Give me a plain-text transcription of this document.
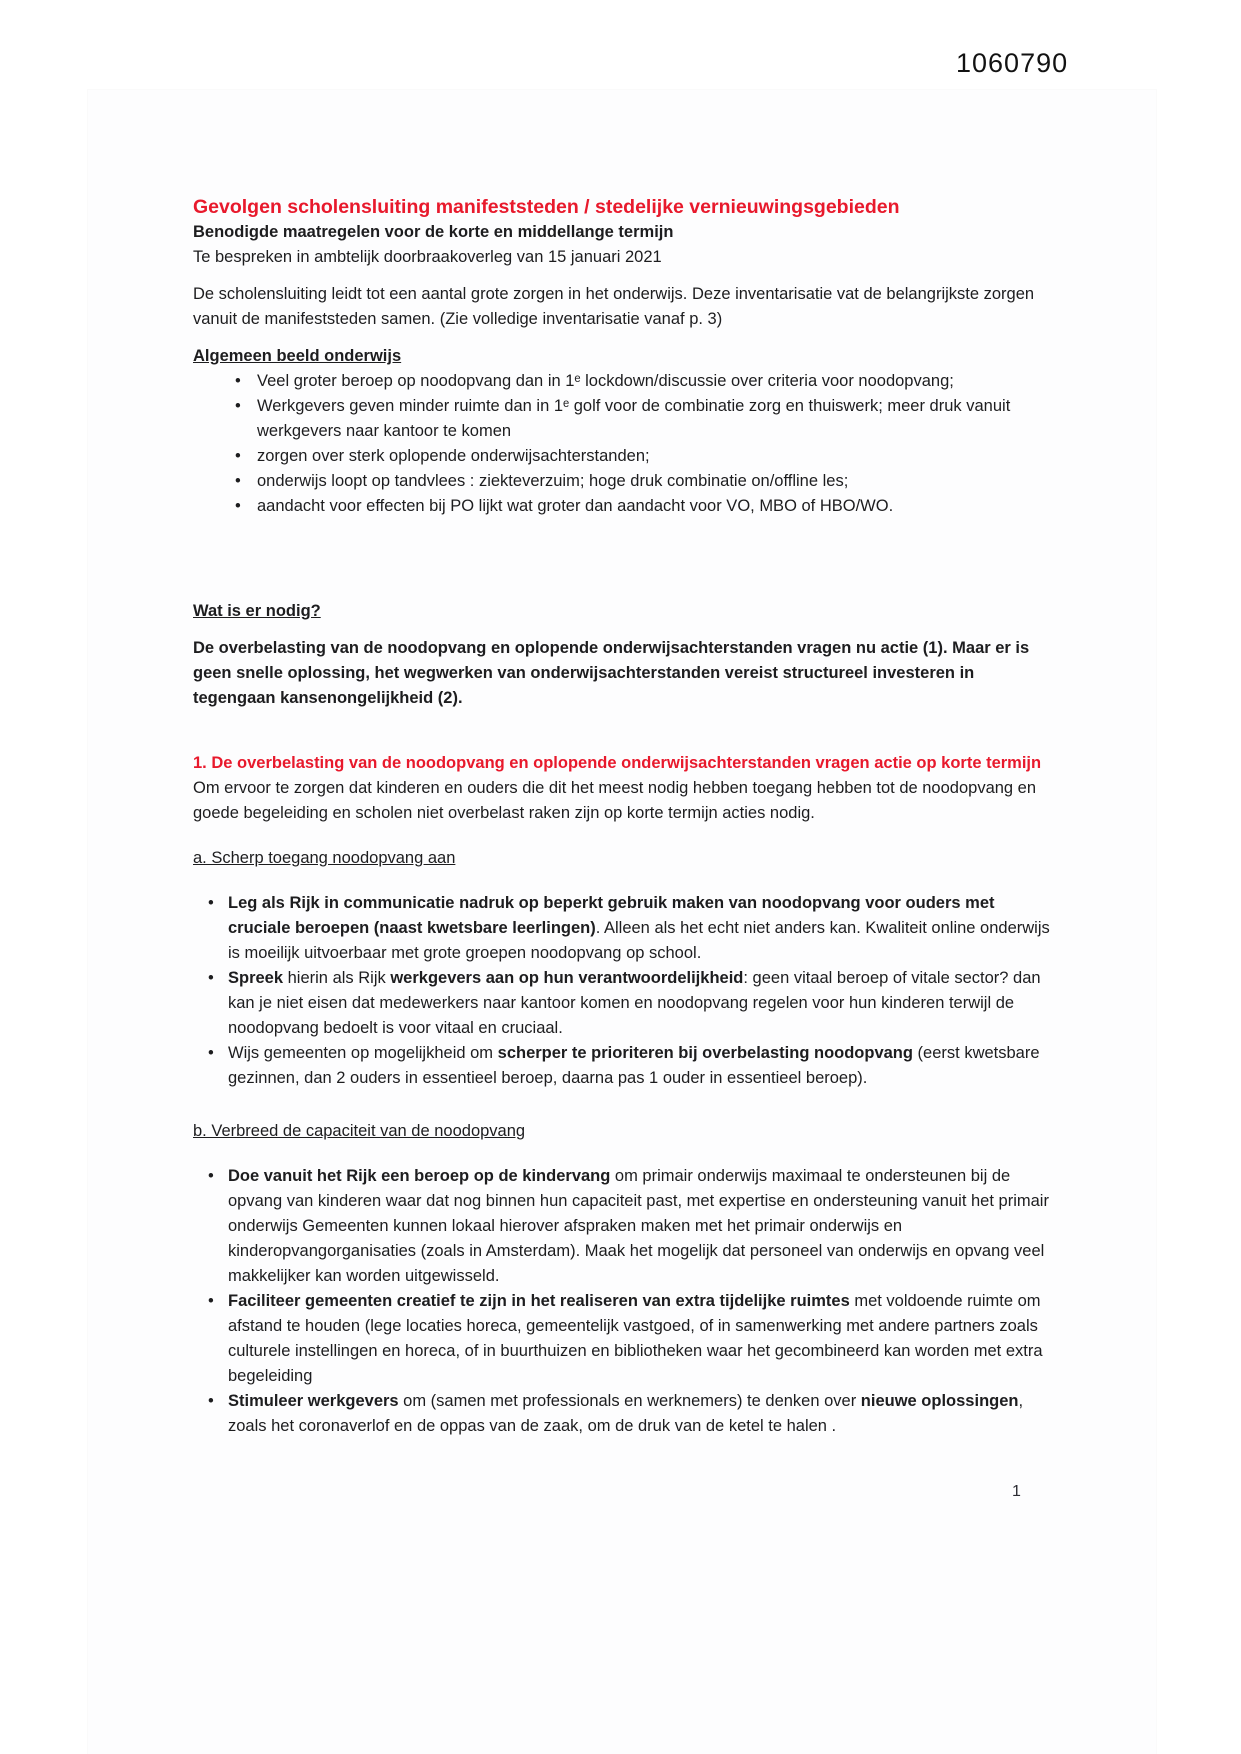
1060790
Gevolgen scholensluiting manifeststeden / stedelijke vernieuwingsgebieden
Benodigde maatregelen voor de korte en middellange termijn
Te bespreken in ambtelijk doorbraakoverleg van 15 januari 2021
De scholensluiting leidt tot een aantal grote zorgen in het onderwijs. Deze inventarisatie vat de belangrijkste zorgen vanuit de manifeststeden samen. (Zie volledige inventarisatie vanaf p. 3)
Algemeen beeld onderwijs
• Veel groter beroep op noodopvang dan in 1ᵉ lockdown/discussie over criteria voor noodopvang;
• Werkgevers geven minder ruimte dan in 1ᵉ golf voor de combinatie zorg en thuiswerk; meer druk vanuit werkgevers naar kantoor te komen
• zorgen over sterk oplopende onderwijsachterstanden;
• onderwijs loopt op tandvlees : ziekteverzuim; hoge druk combinatie on/offline les;
• aandacht voor effecten bij PO lijkt wat groter dan aandacht voor VO, MBO of HBO/WO.
Wat is er nodig?
De overbelasting van de noodopvang en oplopende onderwijsachterstanden vragen nu actie (1). Maar er is geen snelle oplossing, het wegwerken van onderwijsachterstanden vereist structureel investeren in tegengaan kansenongelijkheid (2).
1. De overbelasting van de noodopvang en oplopende onderwijsachterstanden vragen actie op korte termijn
Om ervoor te zorgen dat kinderen en ouders die dit het meest nodig hebben toegang hebben tot de noodopvang en goede begeleiding en scholen niet overbelast raken zijn op korte termijn acties nodig.
a. Scherp toegang noodopvang aan
• Leg als Rijk in communicatie nadruk op beperkt gebruik maken van noodopvang voor ouders met cruciale beroepen (naast kwetsbare leerlingen). Alleen als het echt niet anders kan. Kwaliteit online onderwijs is moeilijk uitvoerbaar met grote groepen noodopvang op school.
• Spreek hierin als Rijk werkgevers aan op hun verantwoordelijkheid: geen vitaal beroep of vitale sector? dan kan je niet eisen dat medewerkers naar kantoor komen en noodopvang regelen voor hun kinderen terwijl de noodopvang bedoelt is voor vitaal en cruciaal.
• Wijs gemeenten op mogelijkheid om scherper te prioriteren bij overbelasting noodopvang (eerst kwetsbare gezinnen, dan 2 ouders in essentieel beroep, daarna pas 1 ouder in essentieel beroep).
b. Verbreed de capaciteit van de noodopvang
• Doe vanuit het Rijk een beroep op de kindervang om primair onderwijs maximaal te ondersteunen bij de opvang van kinderen waar dat nog binnen hun capaciteit past, met expertise en ondersteuning vanuit het primair onderwijs Gemeenten kunnen lokaal hierover afspraken maken met het primair onderwijs en kinderopvangorganisaties (zoals in Amsterdam). Maak het mogelijk dat personeel van onderwijs en opvang veel makkelijker kan worden uitgewisseld.
• Faciliteer gemeenten creatief te zijn in het realiseren van extra tijdelijke ruimtes met voldoende ruimte om afstand te houden (lege locaties horeca, gemeentelijk vastgoed, of in samenwerking met andere partners zoals culturele instellingen en horeca, of in buurthuizen en bibliotheken waar het gecombineerd kan worden met extra begeleiding
• Stimuleer werkgevers om (samen met professionals en werknemers) te denken over nieuwe oplossingen, zoals het coronaverlof en de oppas van de zaak, om de druk van de ketel te halen .
1
